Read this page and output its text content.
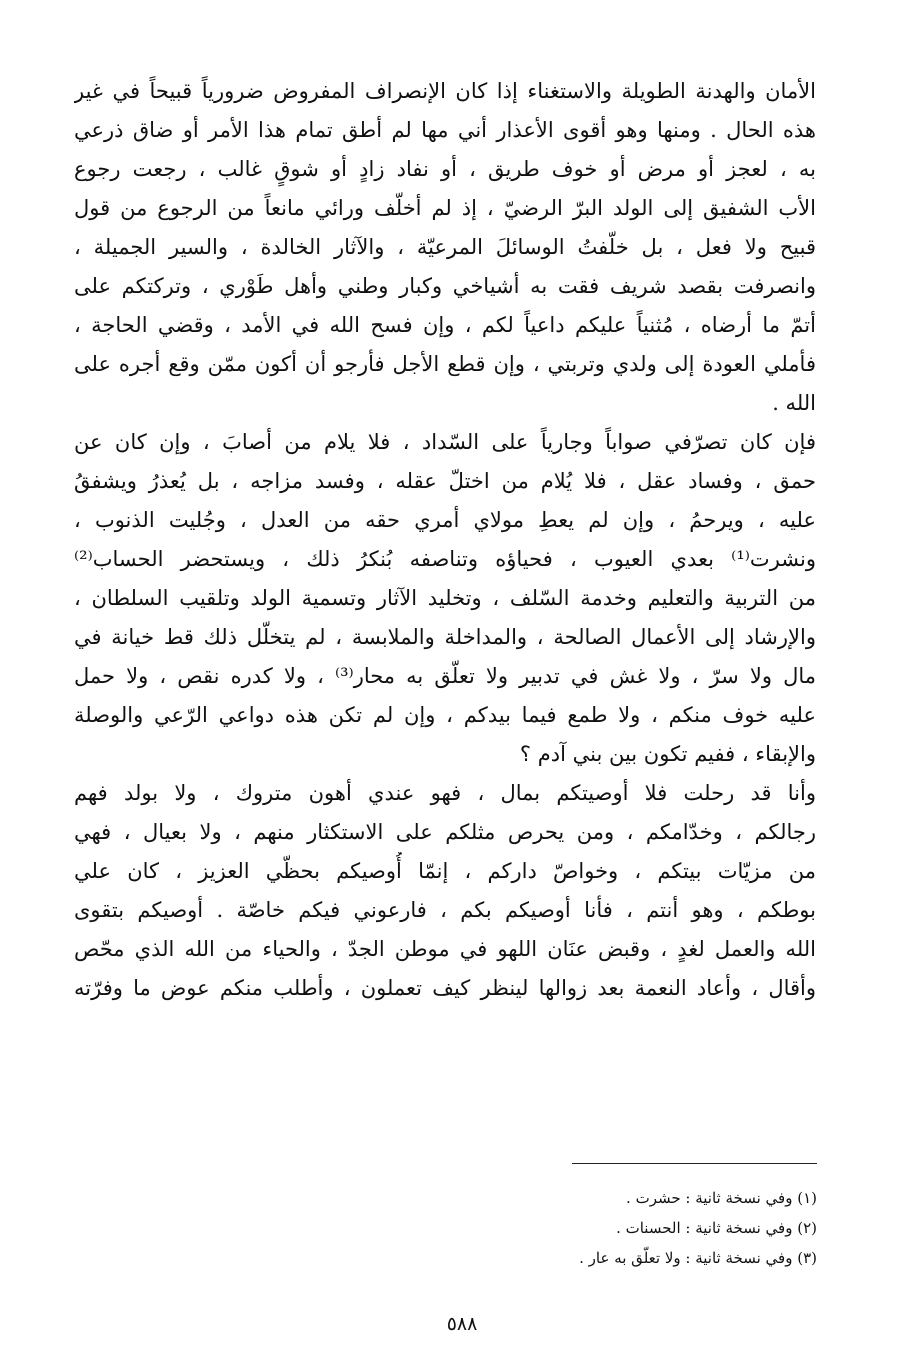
الأمان والهدنة الطويلة والاستغناء إذا كان الإنصراف المفروض ضرورياً قبيحاً في غير
هذه الحال . ومنها وهو أقوى الأعذار أني مها لم أطق تمام هذا الأمر أو ضاق ذرعي
به ، لعجز أو مرض أو خوف طريق ، أو نفاد زادٍ أو شوقٍ غالب ، رجعت رجوع
الأب الشفيق إلى الولد البرّ الرضيّ ، إذ لم أخلّف ورائي مانعاً من الرجوع من قول
قبيح ولا فعل ، بل خلّفتُ الوسائلَ المرعيّة ، والآثار الخالدة ، والسير الجميلة ،
وانصرفت بقصد شريف فقت به أشياخي وكبار وطني وأهل طَوْري ، وتركتكم على
أتمّ ما أرضاه ، مُثنياً عليكم داعياً لكم ، وإن فسح الله في الأمد ، وقضي الحاجة ،
فأملي العودة إلى ولدي وتربتي ، وإن قطع الأجل فأرجو أن أكون ممّن وقع أجره على
الله .
فإن كان تصرّفي صواباً وجارياً على السّداد ، فلا يلام من أصابَ ، وإن كان عن
حمق ، وفساد عقل ، فلا يُلام من اختلّ عقله ، وفسد مزاجه ، بل يُعذرُ ويشفقُ
عليه ، ويرحمُ ، وإن لم يعطِ مولاي أمري حقه من العدل ، وجُليت الذنوب ،
ونشرت⁽¹⁾ بعدي العيوب ، فحياؤه وتناصفه بُنكرُ ذلك ، ويستحضر الحساب⁽²⁾
من التربية والتعليم وخدمة السّلف ، وتخليد الآثار وتسمية الولد وتلقيب السلطان ،
والإرشاد إلى الأعمال الصالحة ، والمداخلة والملابسة ، لم يتخلّل ذلك قط خيانة في
مال ولا سرّ ، ولا غش في تدبير ولا تعلّق به محار⁽³⁾ ، ولا كدره نقص ، ولا حمل
عليه خوف منكم ، ولا طمع فيما بيدكم ، وإن لم تكن هذه دواعي الرّعي والوصلة
والإبقاء ، ففيم تكون بين بني آدم ؟
وأنا قد رحلت فلا أوصيتكم بمال ، فهو عندي أهون متروك ، ولا بولد فهم
رجالكم ، وخدّامكم ، ومن يحرص مثلكم على الاستكثار منهم ، ولا بعيال ، فهي
من مزيّات بيتكم ، وخواصّ داركم ، إنمّا أُوصيكم بحظّي العزيز ، كان علي
بوطكم ، وهو أنتم ، فأنا أوصيكم بكم ، فارعوني فيكم خاصّة . أوصيكم بتقوى
الله والعمل لغدٍ ، وقبض عنَان اللهو في موطن الجدّ ، والحياء من الله الذي محّص
وأقال ، وأعاد النعمة بعد زوالها لينظر كيف تعملون ، وأطلب منكم عوض ما وفرّته
(١) وفي نسخة ثانية : حشرت .
(٢) وفي نسخة ثانية : الحسنات .
(٣) وفي نسخة ثانية : ولا تعلّق به عار .
٥٨٨
